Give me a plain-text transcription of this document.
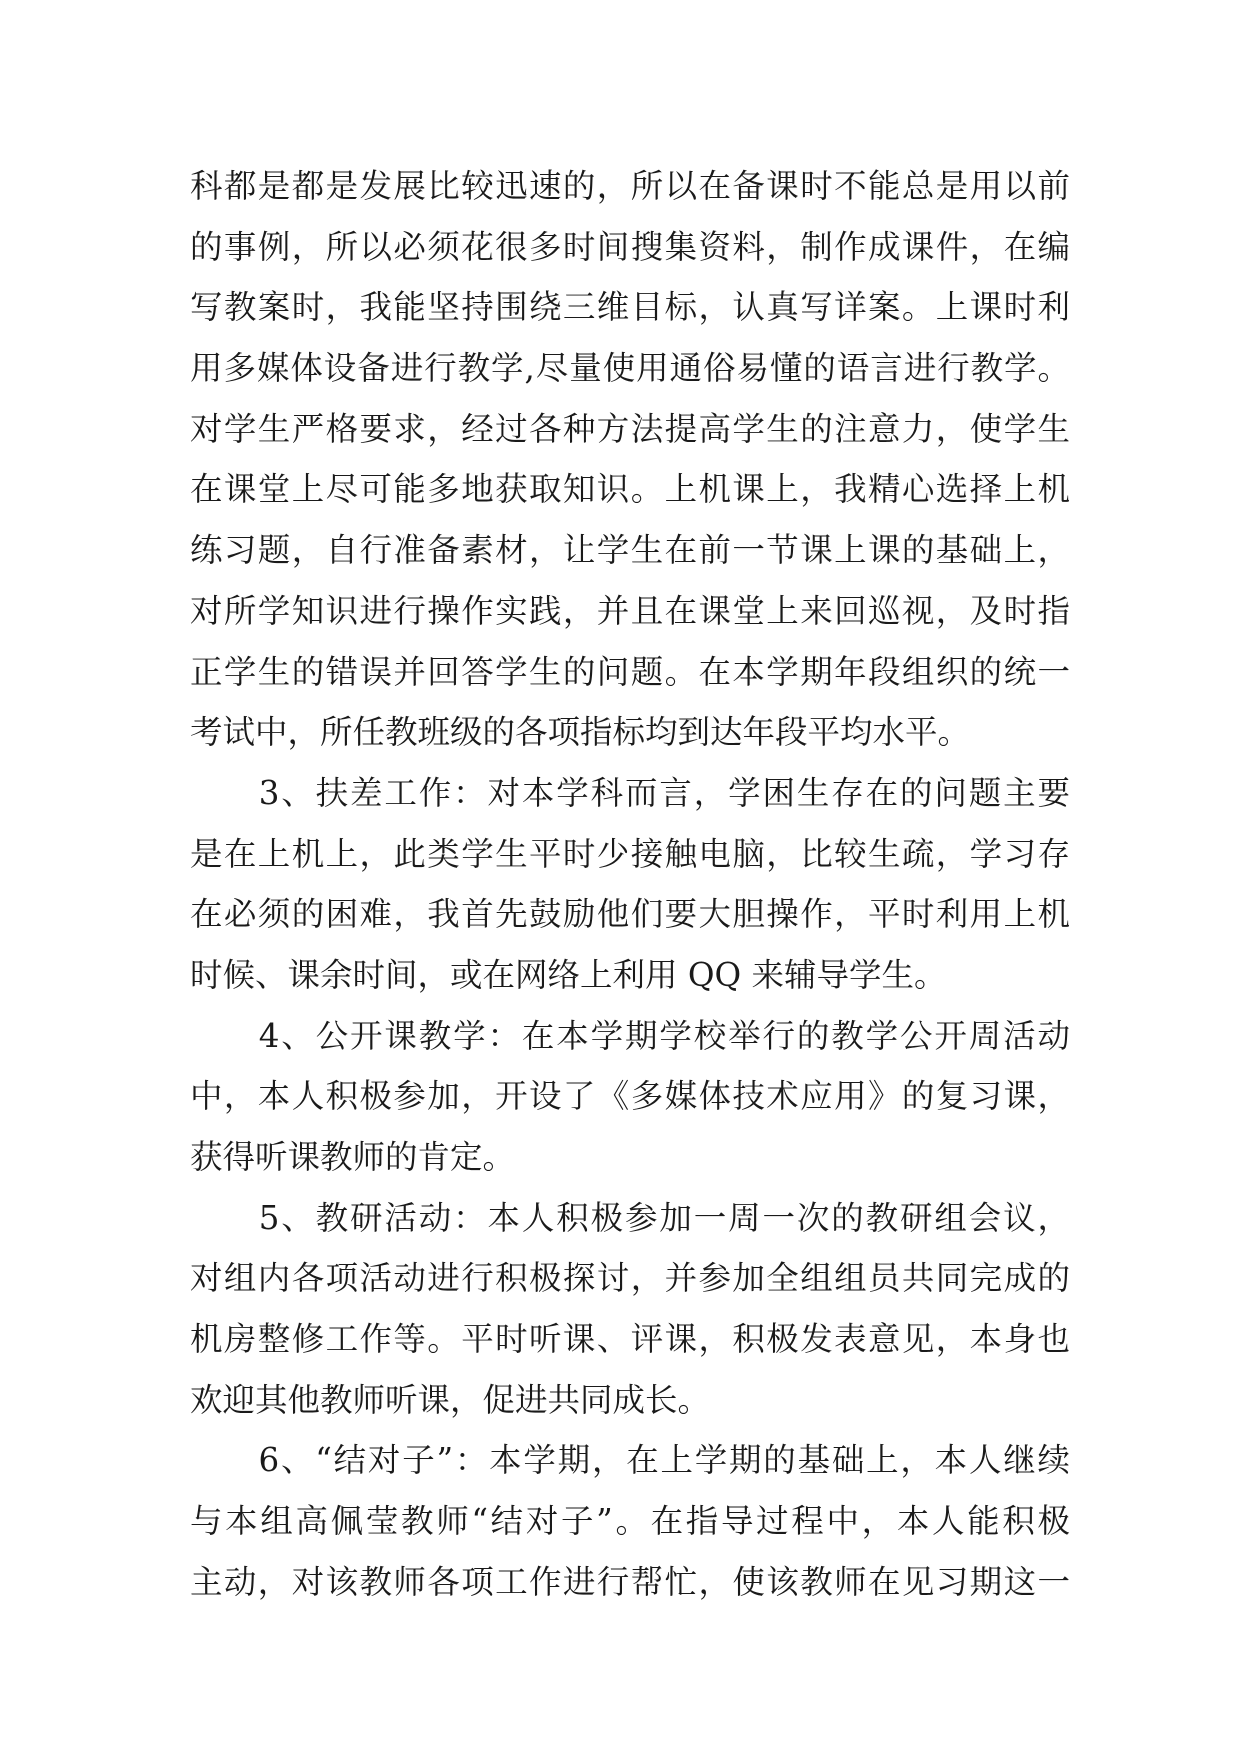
科都是都是发展比较迅速的，所以在备课时不能总是用以前
的事例，所以必须花很多时间搜集资料，制作成课件，在编
写教案时，我能坚持围绕三维目标，认真写详案。上课时利
用多媒体设备进行教学,尽量使用通俗易懂的语言进行教学。
对学生严格要求，经过各种方法提高学生的注意力，使学生
在课堂上尽可能多地获取知识。上机课上，我精心选择上机
练习题，自行准备素材，让学生在前一节课上课的基础上，
对所学知识进行操作实践，并且在课堂上来回巡视，及时指
正学生的错误并回答学生的问题。在本学期年段组织的统一
考试中，所任教班级的各项指标均到达年段平均水平。
　　3、扶差工作：对本学科而言，学困生存在的问题主要
是在上机上，此类学生平时少接触电脑，比较生疏，学习存
在必须的困难，我首先鼓励他们要大胆操作，平时利用上机
时候、课余时间，或在网络上利用 QQ 来辅导学生。
　　4、公开课教学：在本学期学校举行的教学公开周活动
中，本人积极参加，开设了《多媒体技术应用》的复习课，
获得听课教师的肯定。
　　5、教研活动：本人积极参加一周一次的教研组会议，
对组内各项活动进行积极探讨，并参加全组组员共同完成的
机房整修工作等。平时听课、评课，积极发表意见，本身也
欢迎其他教师听课，促进共同成长。
　　6、“结对子”：本学期，在上学期的基础上，本人继续
与本组高佩莹教师“结对子”。在指导过程中，本人能积极
主动，对该教师各项工作进行帮忙，使该教师在见习期这一
